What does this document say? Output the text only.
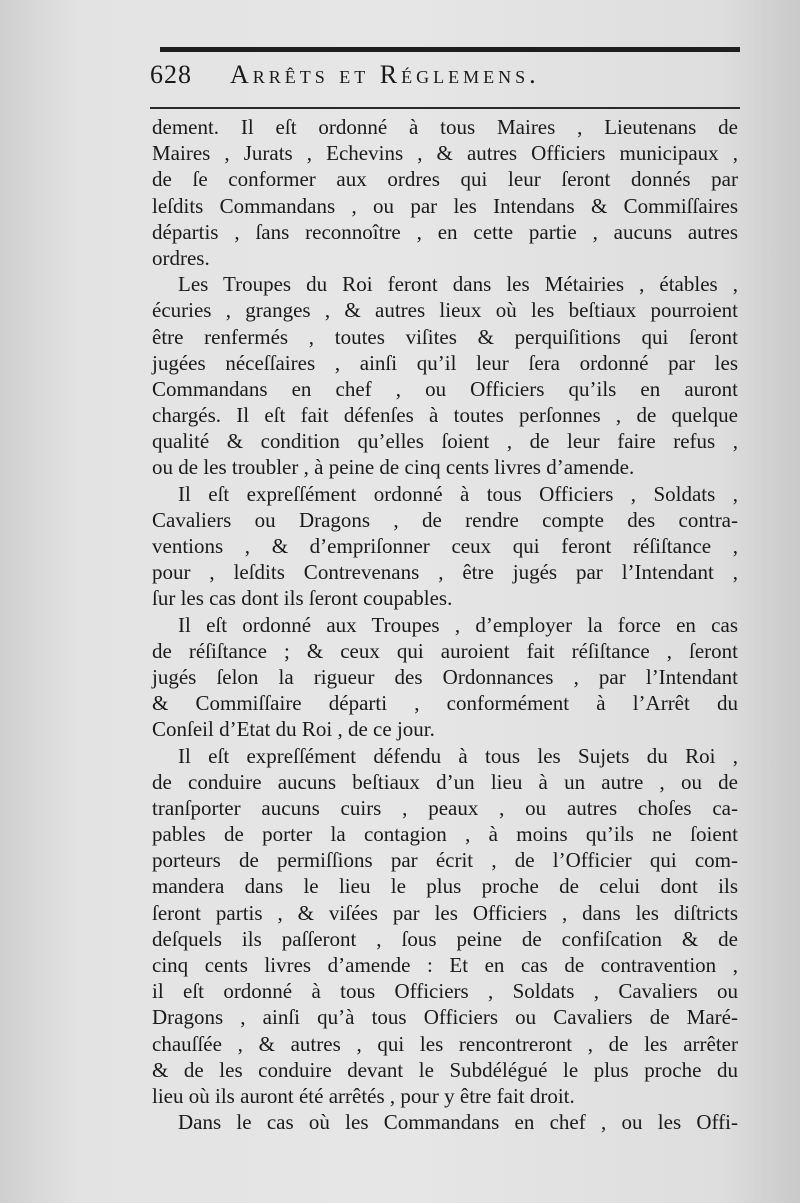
628	Arrêts et Réglemens.
dement. Il eſt ordonné à tous Maires , Lieutenans de
Maires , Jurats , Echevins , & autres Officiers municipaux ,
de ſe conformer aux ordres qui leur ſeront donnés par
leſdits Commandans , ou par les Intendans & Commiſſaires
départis , ſans reconnoître , en cette partie , aucuns autres
ordres.
Les Troupes du Roi feront dans les Métairies , étables ,
écuries , granges , & autres lieux où les beſtiaux pourroient
être renfermés , toutes viſites & perquiſitions qui ſeront
jugées néceſſaires , ainſi qu’il leur ſera ordonné par les
Commandans en chef , ou Officiers qu’ils en auront
chargés. Il eſt fait défenſes à toutes perſonnes , de quelque
qualité & condition qu’elles ſoient , de leur faire refus ,
ou de les troubler , à peine de cinq cents livres d’amende.
Il eſt expreſſément ordonné à tous Officiers , Soldats ,
Cavaliers ou Dragons , de rendre compte des contra-
ventions , & d’empriſonner ceux qui feront réſiſtance ,
pour , leſdits Contrevenans , être jugés par l’Intendant ,
ſur les cas dont ils ſeront coupables.
Il eſt ordonné aux Troupes , d’employer la force en cas
de réſiſtance ; & ceux qui auroient fait réſiſtance , ſeront
jugés ſelon la rigueur des Ordonnances , par l’Intendant
& Commiſſaire départi , conformément à l’Arrêt du
Conſeil d’Etat du Roi , de ce jour.
Il eſt expreſſément défendu à tous les Sujets du Roi ,
de conduire aucuns beſtiaux d’un lieu à un autre , ou de
tranſporter aucuns cuirs , peaux , ou autres choſes ca-
pables de porter la contagion , à moins qu’ils ne ſoient
porteurs de permiſſions par écrit , de l’Officier qui com-
mandera dans le lieu le plus proche de celui dont ils
ſeront partis , & viſées par les Officiers , dans les diſtricts
deſquels ils paſſeront , ſous peine de confiſcation & de
cinq cents livres d’amende : Et en cas de contravention ,
il eſt ordonné à tous Officiers , Soldats , Cavaliers ou
Dragons , ainſi qu’à tous Officiers ou Cavaliers de Maré-
chauſſée , & autres , qui les rencontreront , de les arrêter
& de les conduire devant le Subdélégué le plus proche du
lieu où ils auront été arrêtés , pour y être fait droit.
Dans le cas où les Commandans en chef , ou les Offi-
